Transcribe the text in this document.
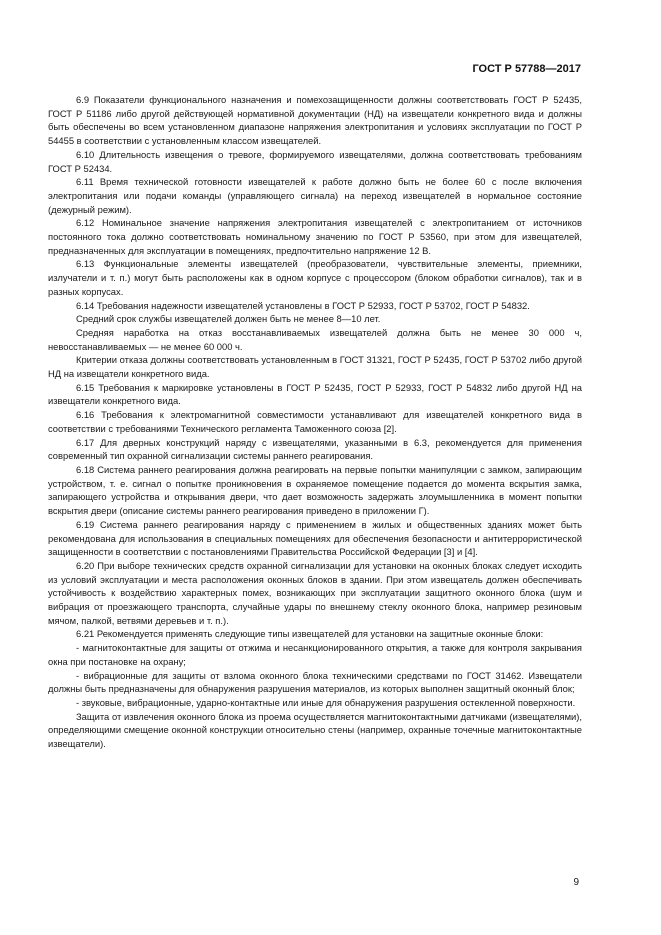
ГОСТ Р 57788—2017

6.9 Показатели функционального назначения и помехозащищенности должны соответствовать ГОСТ Р 52435, ГОСТ Р 51186 либо другой действующей нормативной документации (НД) на извещатели конкретного вида и должны быть обеспечены во всем установленном диапазоне напряжения электропитания и условиях эксплуатации по ГОСТ Р 54455 в соответствии с установленным классом извещателей.

6.10 Длительность извещения о тревоге, формируемого извещателями, должна соответствовать требованиям ГОСТ Р 52434.

6.11 Время технической готовности извещателей к работе должно быть не более 60 с после включения электропитания или подачи команды (управляющего сигнала) на переход извещателей в нормальное состояние (дежурный режим).

6.12 Номинальное значение напряжения электропитания извещателей с электропитанием от источников постоянного тока должно соответствовать номинальному значению по ГОСТ Р 53560, при этом для извещателей, предназначенных для эксплуатации в помещениях, предпочтительно напряжение 12 В.

6.13 Функциональные элементы извещателей (преобразователи, чувствительные элементы, приемники, излучатели и т. п.) могут быть расположены как в одном корпусе с процессором (блоком обработки сигналов), так и в разных корпусах.

6.14 Требования надежности извещателей установлены в ГОСТ Р 52933, ГОСТ Р 53702, ГОСТ Р 54832.

Средний срок службы извещателей должен быть не менее 8—10 лет.

Средняя наработка на отказ восстанавливаемых извещателей должна быть не менее 30 000 ч, невосстанавливаемых — не менее 60 000 ч.

Критерии отказа должны соответствовать установленным в ГОСТ 31321, ГОСТ Р 52435, ГОСТ Р 53702 либо другой НД на извещатели конкретного вида.

6.15 Требования к маркировке установлены в ГОСТ Р 52435, ГОСТ Р 52933, ГОСТ Р 54832 либо другой НД на извещатели конкретного вида.

6.16 Требования к электромагнитной совместимости устанавливают для извещателей конкретного вида в соответствии с требованиями Технического регламента Таможенного союза [2].

6.17 Для дверных конструкций наряду с извещателями, указанными в 6.3, рекомендуется для применения современный тип охранной сигнализации системы раннего реагирования.

6.18 Система раннего реагирования должна реагировать на первые попытки манипуляции с замком, запирающим устройством, т. е. сигнал о попытке проникновения в охраняемое помещение подается до момента вскрытия замка, запирающего устройства и открывания двери, что дает возможность задержать злоумышленника в момент попытки вскрытия двери (описание системы раннего реагирования приведено в приложении Г).

6.19 Система раннего реагирования наряду с применением в жилых и общественных зданиях может быть рекомендована для использования в специальных помещениях для обеспечения безопасности и антитеррористической защищенности в соответствии с постановлениями Правительства Российской Федерации [3] и [4].

6.20 При выборе технических средств охранной сигнализации для установки на оконных блоках следует исходить из условий эксплуатации и места расположения оконных блоков в здании. При этом извещатель должен обеспечивать устойчивость к воздействию характерных помех, возникающих при эксплуатации защитного оконного блока (шум и вибрация от проезжающего транспорта, случайные удары по внешнему стеклу оконного блока, например резиновым мячом, палкой, ветвями деревьев и т. п.).

6.21 Рекомендуется применять следующие типы извещателей для установки на защитные оконные блоки:

- магнитоконтактные для защиты от отжима и несанкционированного открытия, а также для контроля закрывания окна при постановке на охрану;

- вибрационные для защиты от взлома оконного блока техническими средствами по ГОСТ 31462. Извещатели должны быть предназначены для обнаружения разрушения материалов, из которых выполнен защитный оконный блок;

- звуковые, вибрационные, ударно-контактные или иные для обнаружения разрушения остекленной поверхности.

Защита от извлечения оконного блока из проема осуществляется магнитоконтактными датчиками (извещателями), определяющими смещение оконной конструкции относительно стены (например, охранные точечные магнитоконтактные извещатели).

9
